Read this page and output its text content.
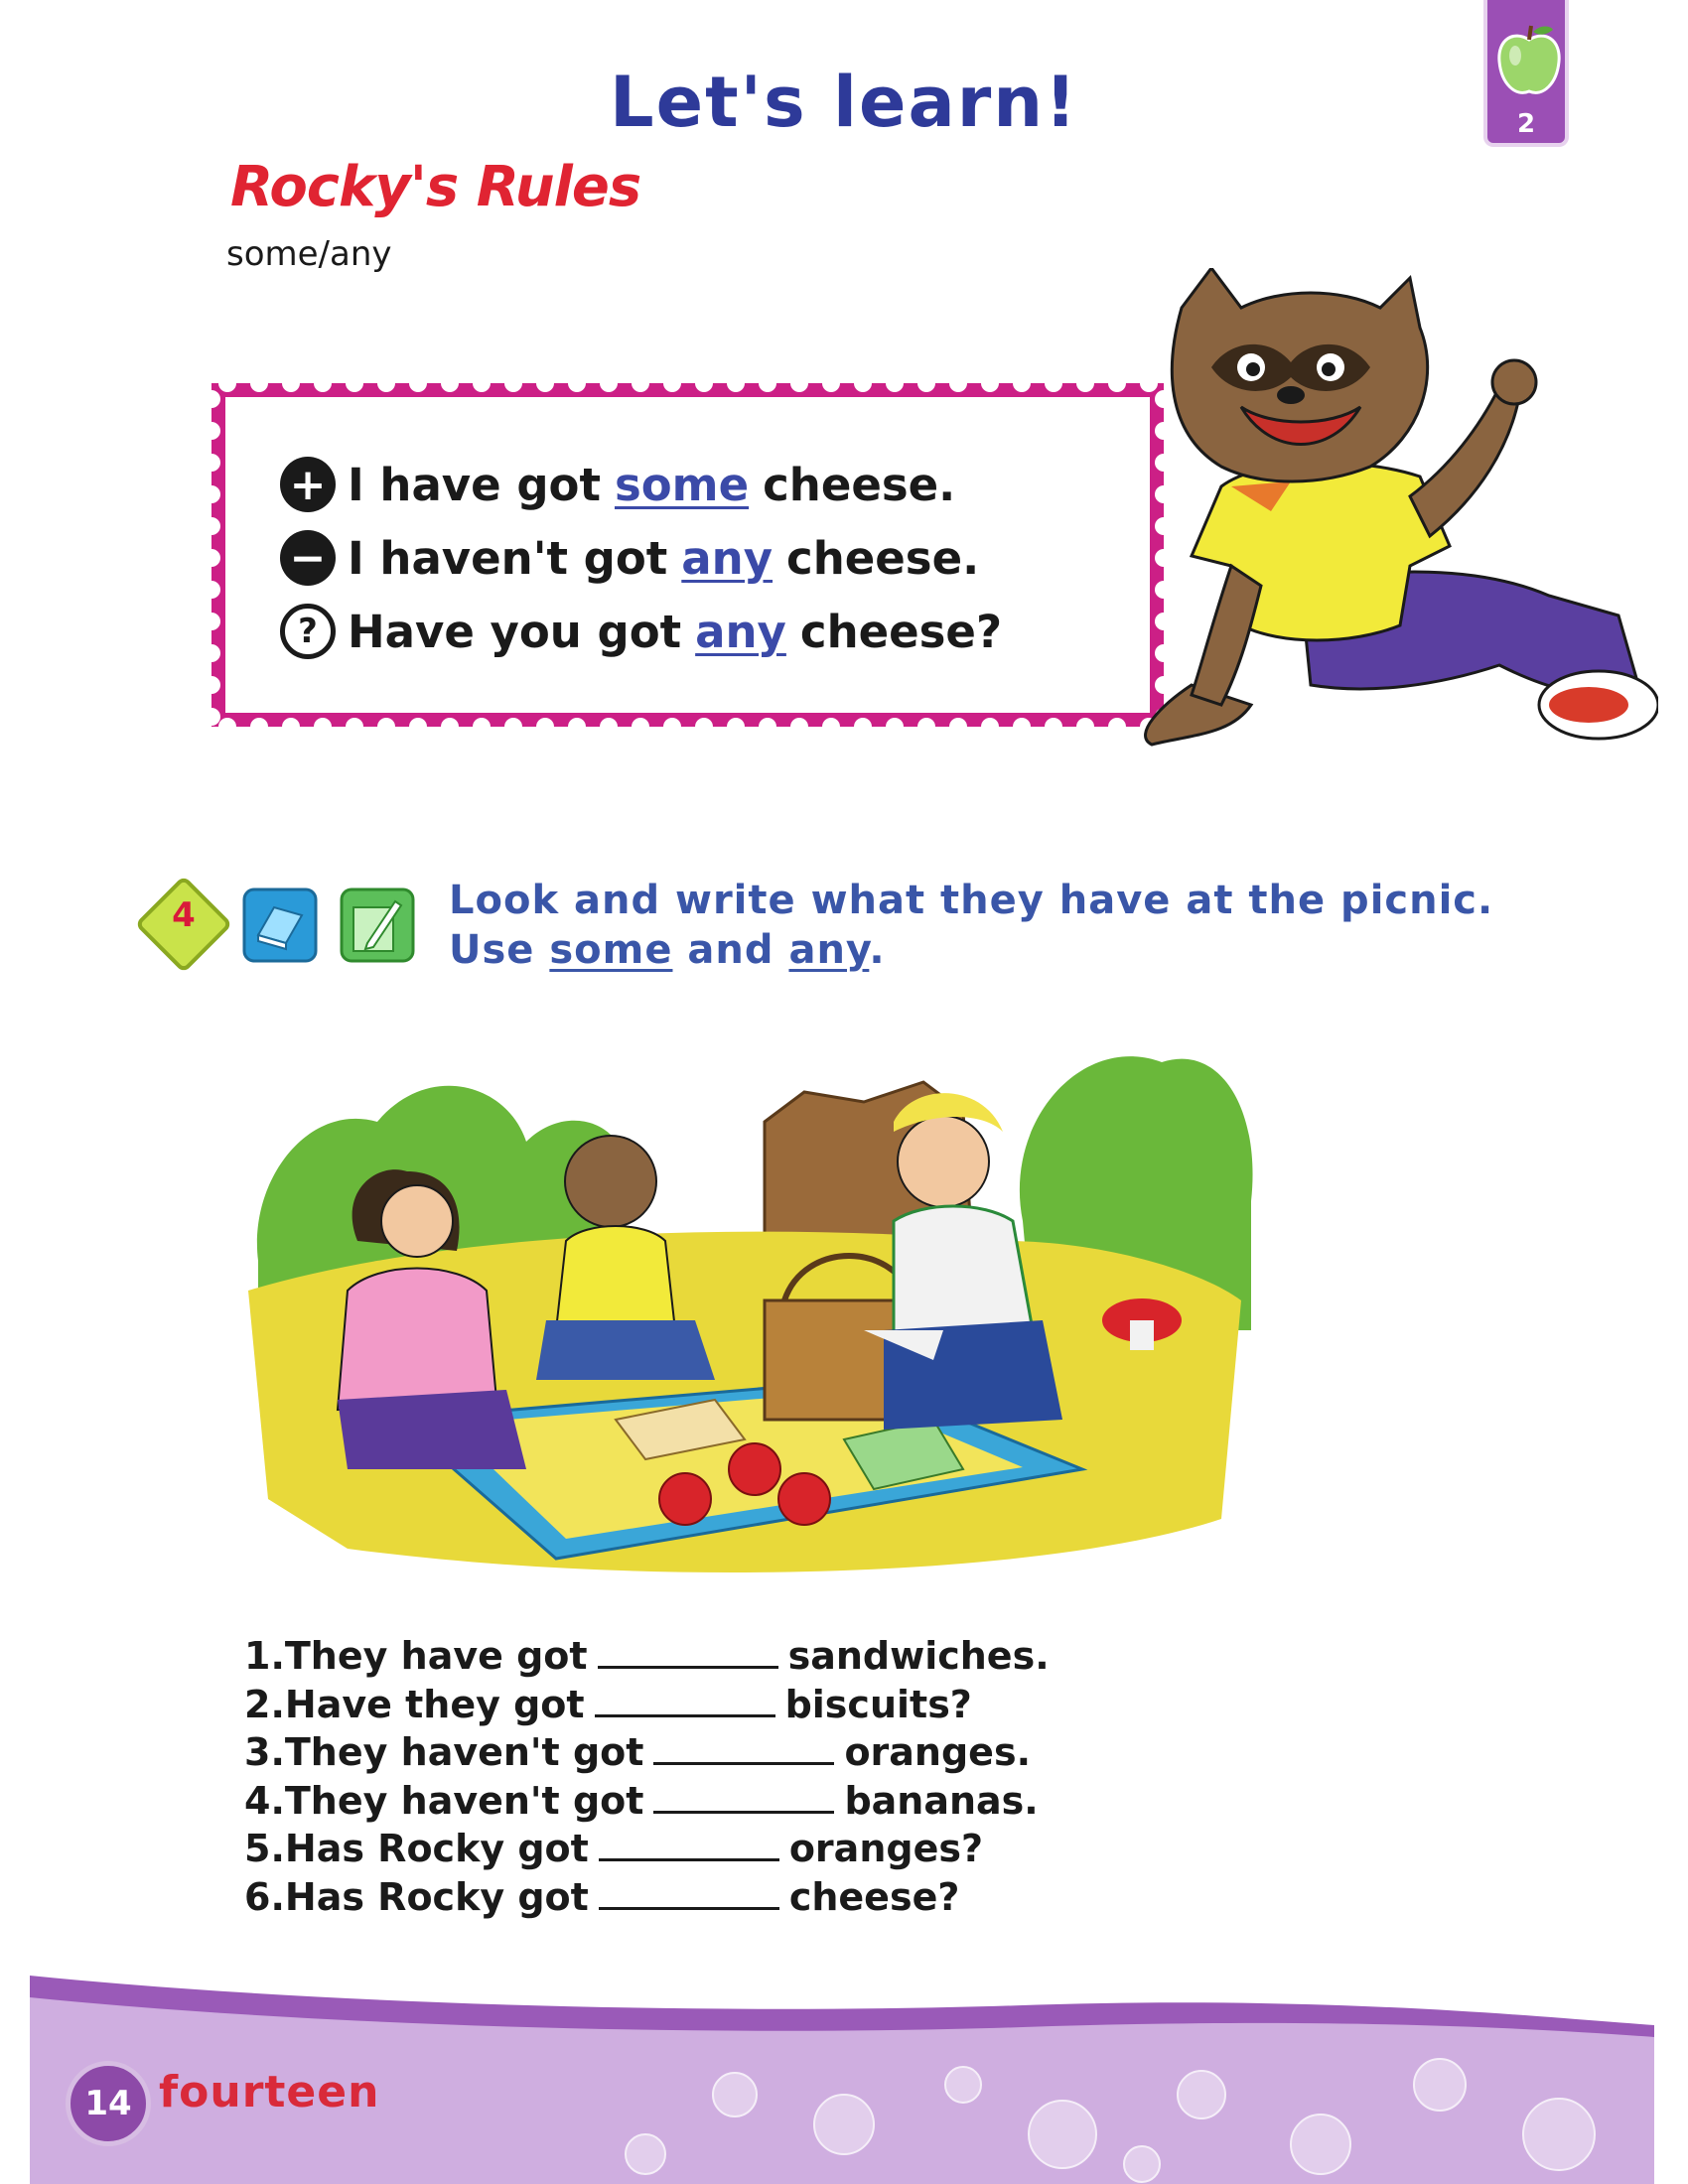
Let's learn!	2
Rocky's Rules
some/any
+ I have got some cheese.
− I haven't got any cheese.
? Have you got any cheese?
4	Look and write what they have at the picnic.
Use some and any.
1. They have got	sandwiches.
2. Have they got	biscuits?
3. They haven't got	oranges.
4. They haven't got	bananas.
5. Has Rocky got	oranges?
6. Has Rocky got	cheese?
14 fourteen
